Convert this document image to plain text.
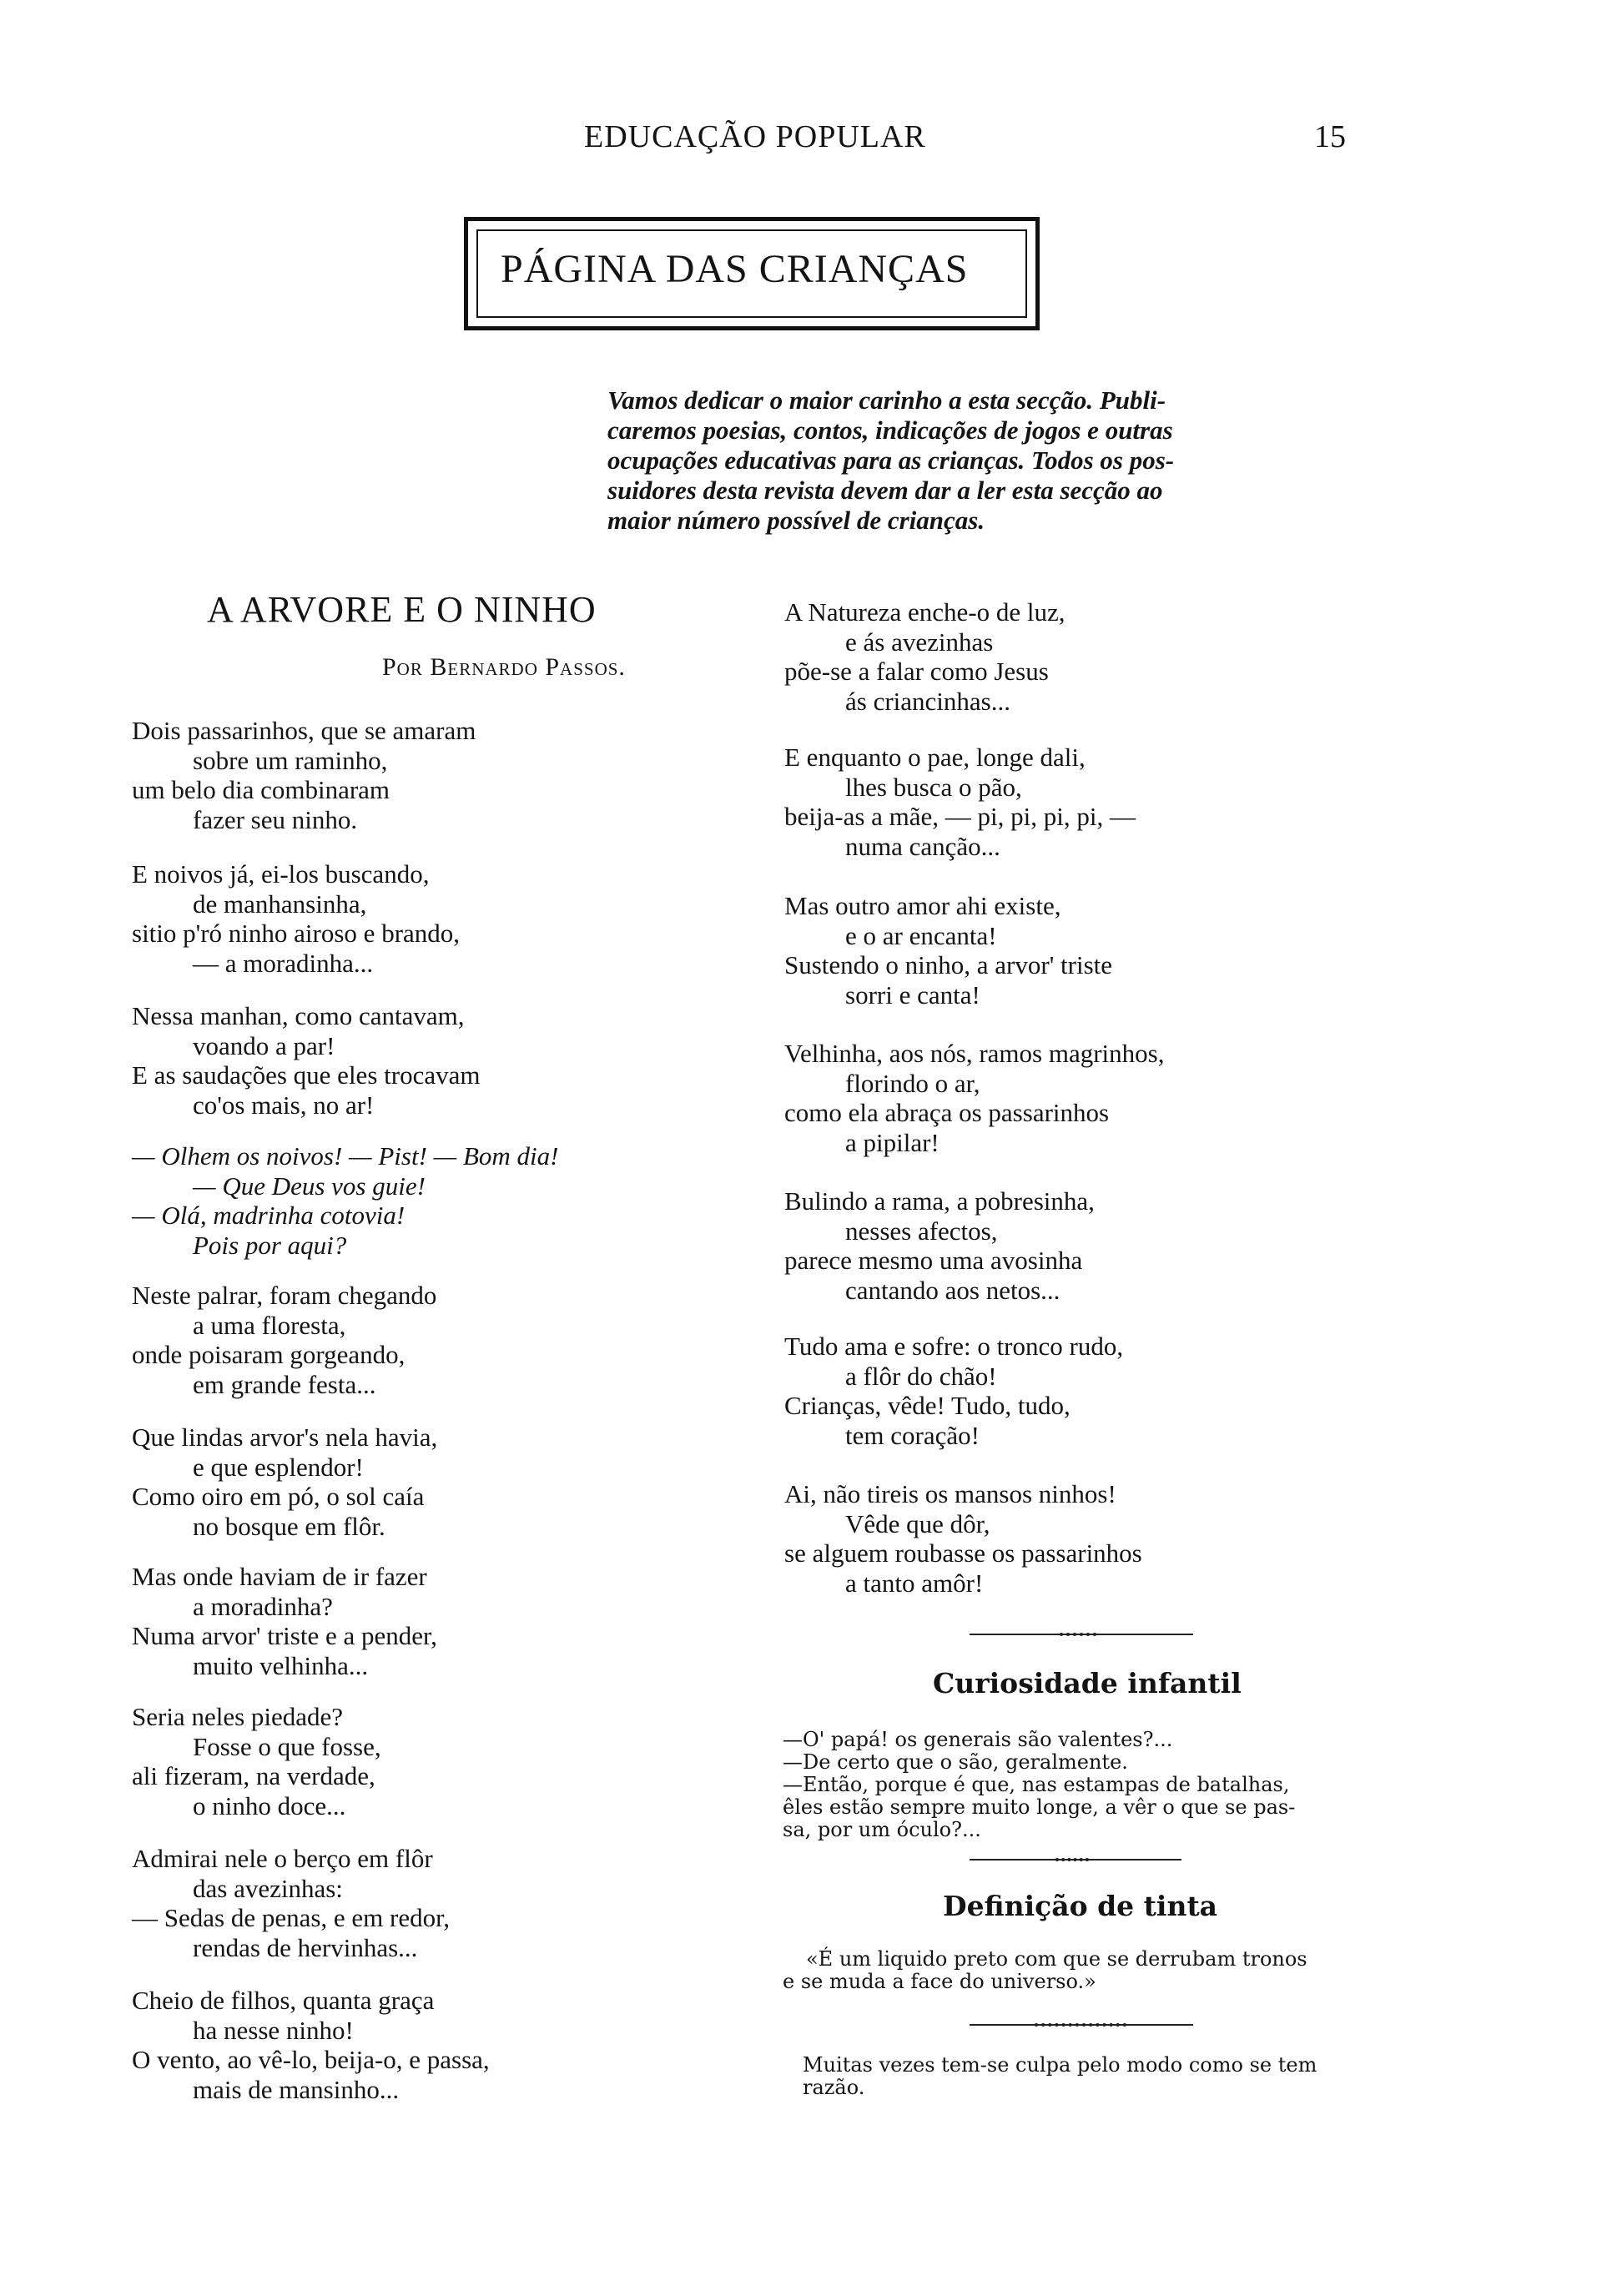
EDUCAÇÃO POPULAR	15
PÁGINA DAS CRIANÇAS
Vamos dedicar o maior carinho a esta secção. Publi-
caremos poesias, contos, indicações de jogos e outras
ocupações educativas para as crianças. Todos os pos-
suidores desta revista devem dar a ler esta secção ao
maior número possível de crianças.
A ARVORE E O NINHO
Por Bernardo Passos.
Dois passarinhos, que se amaram
sobre um raminho,
um belo dia combinaram
fazer seu ninho.
E noivos já, ei-los buscando,
de manhansinha,
sitio p'ró ninho airoso e brando,
— a moradinha...
Nessa manhan, como cantavam,
voando a par!
E as saudações que eles trocavam
co'os mais, no ar!
— Olhem os noivos! — Pist! — Bom dia!
— Que Deus vos guie!
— Olá, madrinha cotovia!
Pois por aqui?
Neste palrar, foram chegando
a uma floresta,
onde poisaram gorgeando,
em grande festa...
Que lindas arvor's nela havia,
e que esplendor!
Como oiro em pó, o sol caía
no bosque em flôr.
Mas onde haviam de ir fazer
a moradinha?
Numa arvor' triste e a pender,
muito velhinha...
Seria neles piedade?
Fosse o que fosse,
ali fizeram, na verdade,
o ninho doce...
Admirai nele o berço em flôr
das avezinhas:
— Sedas de penas, e em redor,
rendas de hervinhas...
Cheio de filhos, quanta graça
ha nesse ninho!
O vento, ao vê-lo, beija-o, e passa,
mais de mansinho...
A Natureza enche-o de luz,
e ás avezinhas
põe-se a falar como Jesus
ás criancinhas...
E enquanto o pae, longe dali,
lhes busca o pão,
beija-as a mãe, — pi, pi, pi, pi, —
numa canção...
Mas outro amor ahi existe,
e o ar encanta!
Sustendo o ninho, a arvor' triste
sorri e canta!
Velhinha, aos nós, ramos magrinhos,
florindo o ar,
como ela abraça os passarinhos
a pipilar!
Bulindo a rama, a pobresinha,
nesses afectos,
parece mesmo uma avosinha
cantando aos netos...
Tudo ama e sofre: o tronco rudo,
a flôr do chão!
Crianças, vêde! Tudo, tudo,
tem coração!
Ai, não tireis os mansos ninhos!
Vêde que dôr,
se alguem roubasse os passarinhos
a tanto amôr!
Curiosidade infantil
—O' papá! os generais são valentes?...
—De certo que o são, geralmente.
—Então, porque é que, nas estampas de batalhas,
êles estão sempre muito longe, a vêr o que se pas-
sa, por um óculo?...
Definição de tinta
«É um liquido preto com que se derrubam tronos
e se muda a face do universo.»
Muitas vezes tem-se culpa pelo modo como se tem
razão.
